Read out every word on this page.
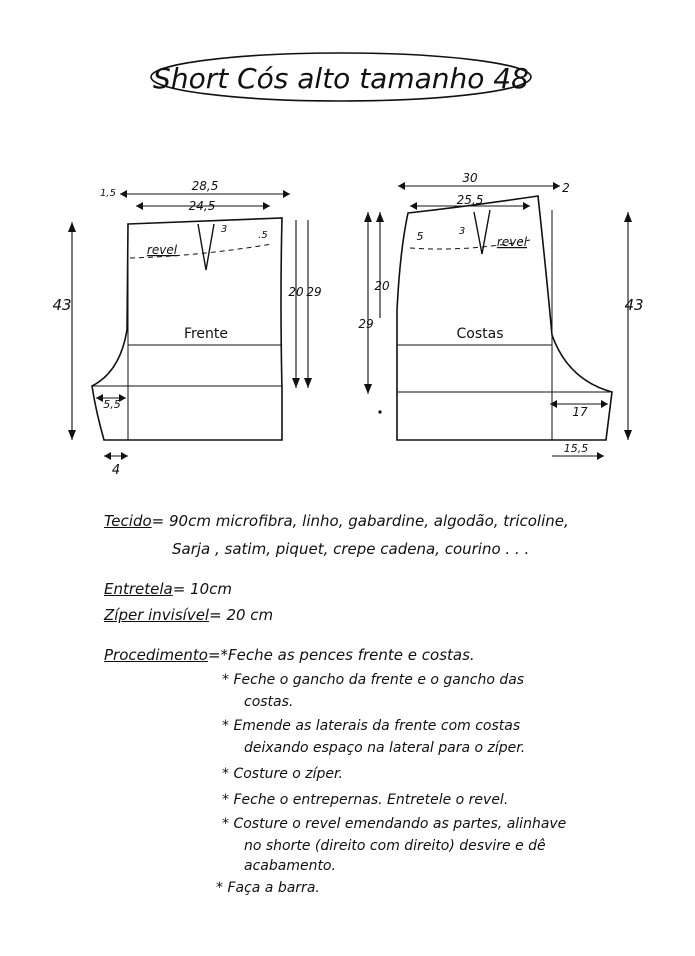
Short Cós alto tamanho 48
28,5
24,5
1,5
3
.5
revel
Frente
20 29
43
5,5
4
30
25,5
2
3
5	revel
Costas
20
29
43
17
15,5
Tecido= 90cm microfibra, linho, gabardine, algodão, tricoline,
Sarja , satim, piquet, crepe cadena, courino . . .
Entretela= 10cm
Zíper invisível= 20 cm
Procedimento=*Feche as pences frente e costas.
* Feche o gancho da frente e o gancho das
costas.
* Emende as laterais da frente com costas
deixando espaço na lateral para o zíper.
* Costure o zíper.
* Feche o entrepernas. Entretele o revel.
* Costure o revel emendando as partes, alinhave
no shorte (direito com direito) desvire e dê
acabamento.
* Faça a barra.
